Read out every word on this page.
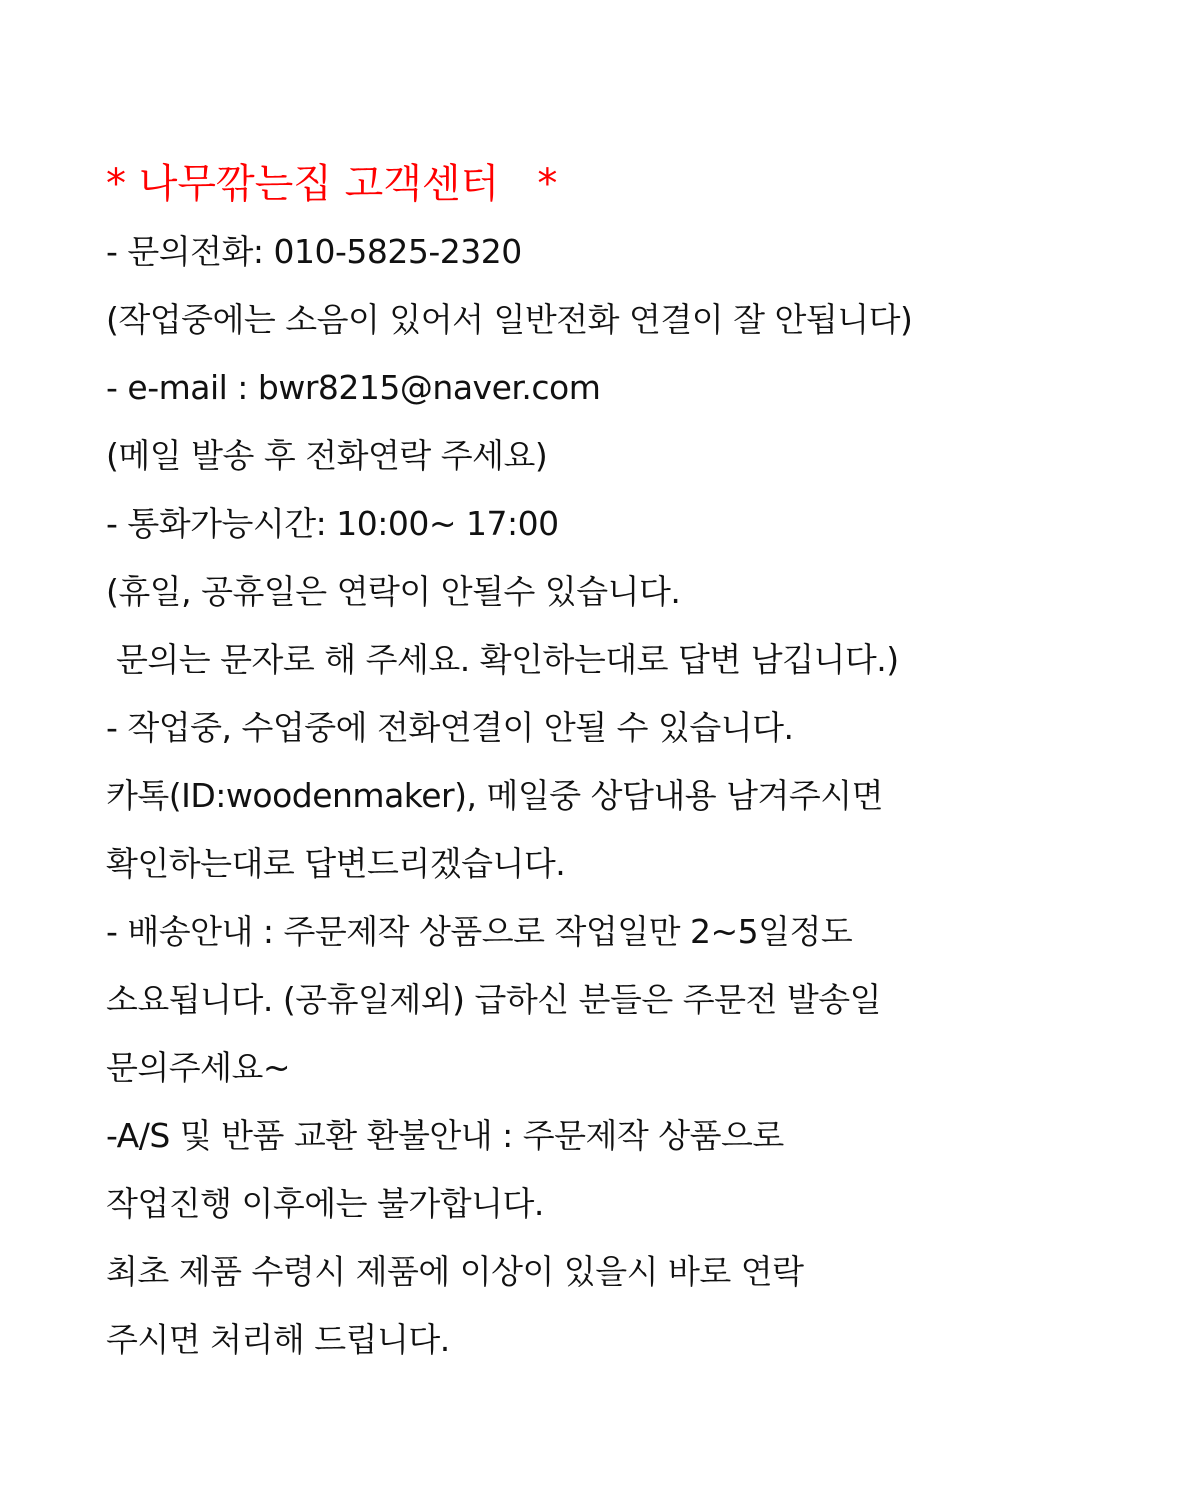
* 나무깎는집 고객센터   *
- 문의전화: 010-5825-2320
(작업중에는 소음이 있어서 일반전화 연결이 잘 안됩니다)
- e-mail : bwr8215@naver.com
(메일 발송 후 전화연락 주세요)
- 통화가능시간: 10:00~ 17:00
(휴일, 공휴일은 연락이 안될수 있습니다.
문의는 문자로 해 주세요. 확인하는대로 답변 남깁니다.)
- 작업중, 수업중에 전화연결이 안될 수 있습니다.
카톡(ID:woodenmaker), 메일중 상담내용 남겨주시면
확인하는대로 답변드리겠습니다.
- 배송안내 : 주문제작 상품으로 작업일만 2~5일정도
소요됩니다. (공휴일제외) 급하신 분들은 주문전 발송일
문의주세요~
-A/S 및 반품 교환 환불안내 : 주문제작 상품으로
작업진행 이후에는 불가합니다.
최초 제품 수령시 제품에 이상이 있을시 바로 연락
주시면 처리해 드립니다.
